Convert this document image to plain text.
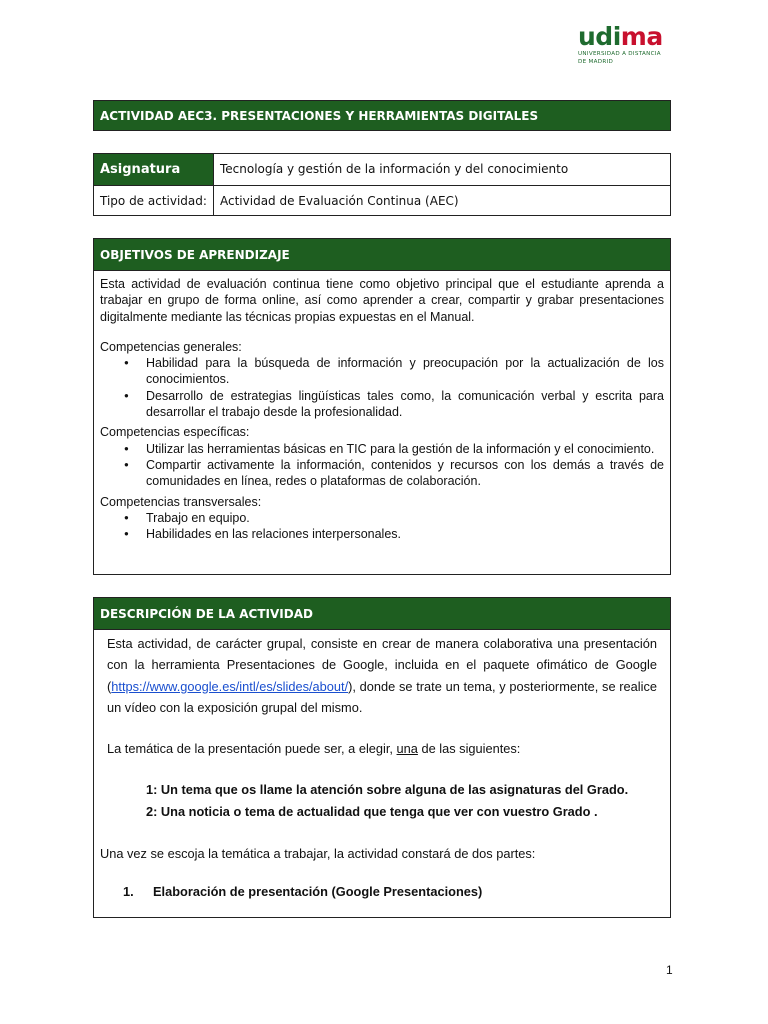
udima
UNIVERSIDAD A DISTANCIA
DE MADRID
ACTIVIDAD AEC3. PRESENTACIONES Y HERRAMIENTAS DIGITALES
Asignatura	Tecnología y gestión de la información y del conocimiento
Tipo de actividad:	Actividad de Evaluación Continua (AEC)
OBJETIVOS DE APRENDIZAJE
Esta actividad de evaluación continua tiene como objetivo principal que el estudiante aprenda a trabajar en grupo de forma online, así como aprender a crear, compartir y grabar presentaciones digitalmente mediante las técnicas propias expuestas en el Manual.
Competencias generales:
● Habilidad para la búsqueda de información y preocupación por la actualización de los conocimientos.
● Desarrollo de estrategias lingüísticas tales como, la comunicación verbal y escrita para desarrollar el trabajo desde la profesionalidad.
Competencias específicas:
● Utilizar las herramientas básicas en TIC para la gestión de la información y el conocimiento.
● Compartir activamente la información, contenidos y recursos con los demás a través de comunidades en línea, redes o plataformas de colaboración.
Competencias transversales:
● Trabajo en equipo.
● Habilidades en las relaciones interpersonales.
DESCRIPCIÓN DE LA ACTIVIDAD
Esta actividad, de carácter grupal, consiste en crear de manera colaborativa una presentación con la herramienta Presentaciones de Google, incluida en el paquete ofimático de Google (https://www.google.es/intl/es/slides/about/), donde se trate un tema, y posteriormente, se realice un vídeo con la exposición grupal del mismo.
La temática de la presentación puede ser, a elegir, una de las siguientes:
1: Un tema que os llame la atención sobre alguna de las asignaturas del Grado.
2: Una noticia o tema de actualidad que tenga que ver con vuestro Grado .
Una vez se escoja la temática a trabajar, la actividad constará de dos partes:
1. Elaboración de presentación (Google Presentaciones)
1
